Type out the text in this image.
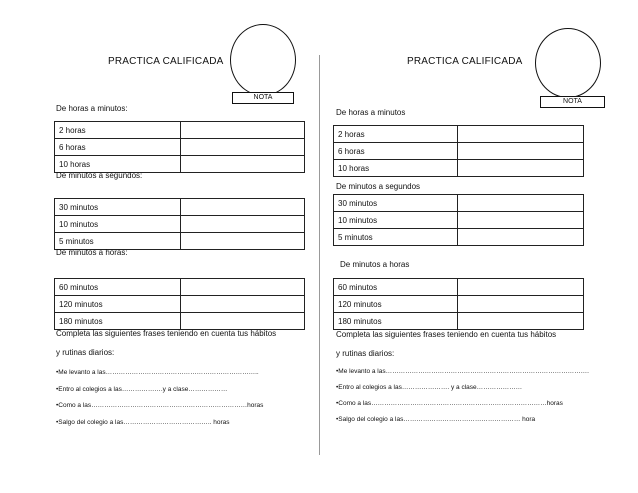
PRACTICA CALIFICADA
NOTA
De horas a minutos:
2 horas	
6 horas	
10 horas	
De minutos a segundos:
30 minutos	
10 minutos	
5 minutos	
De minutos a horas:
60 minutos	
120 minutos	
180 minutos	
Completa las siguientes frases teniendo en cuenta tus hábitos
y rutinas diarios:
•Me levanto a las……………………………………………………………..
•Entro al colegios a las……………….y a clase………………
•Como a las………………………………………………………………horas
•Salgo del colegio a las………………………………….. horas
PRACTICA CALIFICADA
NOTA
De horas a minutos
2 horas	
6 horas	
10 horas	
De minutos a segundos
30 minutos	
10 minutos	
5 minutos	
De minutos a horas
60 minutos	
120 minutos	
180 minutos	
Completa las siguientes frases teniendo en cuenta tus hábitos
y rutinas diarios:
•Me levanto a las………………………………………………………………………………….
•Entro al colegios a las…………………. y a clase…………………
•Como a las………………………………………………………………………horas
•Salgo del colegio a las……………………………………………… hora
